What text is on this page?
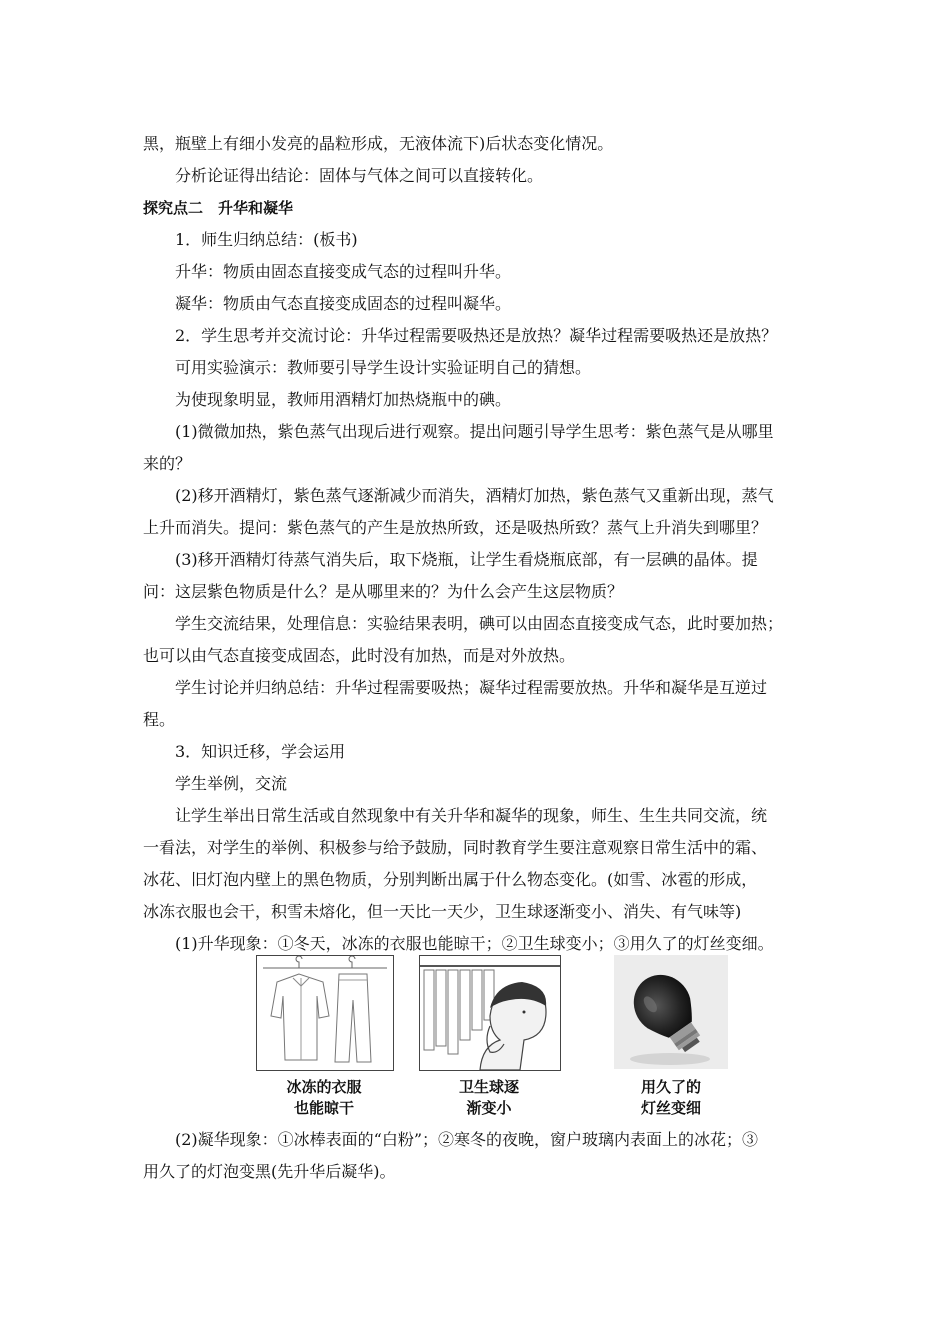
黑，瓶壁上有细小发亮的晶粒形成，无液体流下)后状态变化情况。
分析论证得出结论：固体与气体之间可以直接转化。
探究点二　升华和凝华
1．师生归纳总结：(板书)
升华：物质由固态直接变成气态的过程叫升华。
凝华：物质由气态直接变成固态的过程叫凝华。
2．学生思考并交流讨论：升华过程需要吸热还是放热？凝华过程需要吸热还是放热？
可用实验演示：教师要引导学生设计实验证明自己的猜想。
为使现象明显，教师用酒精灯加热烧瓶中的碘。
(1)微微加热，紫色蒸气出现后进行观察。提出问题引导学生思考：紫色蒸气是从哪里
来的？
(2)移开酒精灯，紫色蒸气逐渐减少而消失，酒精灯加热，紫色蒸气又重新出现，蒸气
上升而消失。提问：紫色蒸气的产生是放热所致，还是吸热所致？蒸气上升消失到哪里？
(3)移开酒精灯待蒸气消失后，取下烧瓶，让学生看烧瓶底部，有一层碘的晶体。提
问：这层紫色物质是什么？是从哪里来的？为什么会产生这层物质？
学生交流结果，处理信息：实验结果表明，碘可以由固态直接变成气态，此时要加热；
也可以由气态直接变成固态，此时没有加热，而是对外放热。
学生讨论并归纳总结：升华过程需要吸热；凝华过程需要放热。升华和凝华是互逆过
程。
3．知识迁移，学会运用
学生举例，交流
让学生举出日常生活或自然现象中有关升华和凝华的现象，师生、生生共同交流，统
一看法，对学生的举例、积极参与给予鼓励，同时教育学生要注意观察日常生活中的霜、
冰花、旧灯泡内壁上的黑色物质，分别判断出属于什么物态变化。(如雪、冰雹的形成，
冰冻衣服也会干，积雪未熔化，但一天比一天少，卫生球逐渐变小、消失、有气味等)
(1)升华现象：①冬天，冰冻的衣服也能晾干；②卫生球变小；③用久了的灯丝变细。
冰冻的衣服
也能晾干
卫生球逐
渐变小
用久了的
灯丝变细
(2)凝华现象：①冰棒表面的“白粉”；②寒冬的夜晚，窗户玻璃内表面上的冰花；③
用久了的灯泡变黑(先升华后凝华)。
